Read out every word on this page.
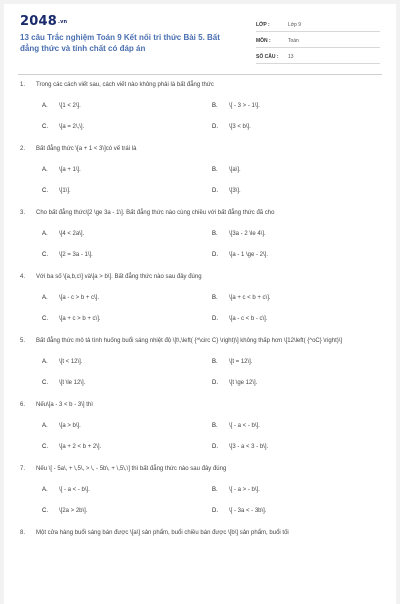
$2048^{.vn}$
13 câu Trắc nghiệm Toán 9 Kết nối tri thức Bài 5. Bất đẳng thức và tính chất có đáp án
LỚP :	Lớp 9
MÔN :	Toán
SỐ CÂU :	13
1.	Trong các cách viết sau, cách viết nào không phải là bất đẳng thức
A.	\[1 < 2\].	B.	\[ - 3 > - 1\].
C.	\[a = 2\,\].	D.	\[3 < b\].
2.	Bất đẳng thức \[a + 1 < 3\]có vế trái là
A.	\[a + 1\].	B.	\[a\].
C.	\[1\].	D.	\[3\].
3.	Cho bất đẳng thức\[2 \ge 3a - 1\]. Bất đẳng thức nào cùng chiều với bất đẳng thức đã cho
A.	\[4 < 2a\].	B.	\[3a - 2 \le 4\].
C.	\[2 = 3a - 1\].	D.	\[a - 1 \ge - 2\].
4.	Với ba số \[a,b,c\] và\[a > b\]. Bất đẳng thức nào sau đây đúng
A.	\[a - c > b + c\].	B.	\[a + c < b + c\].
C.	\[a + c > b + c\].	D.	\[a - c < b - c\].
5.	Bất đẳng thức mô tả tình huống buổi sáng nhiệt độ \[t\,\left( {^\circ C} \right)\] không thấp hơn \[12\left( {^oC} \right)\]
A.	\[t < 12\].	B.	\[t = 12\].
C.	\[t \le 12\].	D.	\[t \ge 12\].
6.	Nếu\[a - 3 < b - 3\] thì
A.	\[a > b\].	B.	\[ - a < - b\].
C.	\[a + 2 < b + 2\].	D.	\[3 - a < 3 - b\].
7.	Nếu \[ - 5a\, + \,5\, > \, - 5b\, + \,5\,\] thì bất đẳng thức nào sau đây đúng
A.	\[ - a < - b\].	B.	\[ - a > - b\].
C.	\[2a > 2b\].	D.	\[ - 3a < - 3b\].
8.	Một cửa hàng buổi sáng bán được \[a\] sản phẩm, buổi chiều bán được \[b\] sản phẩm, buổi tối
